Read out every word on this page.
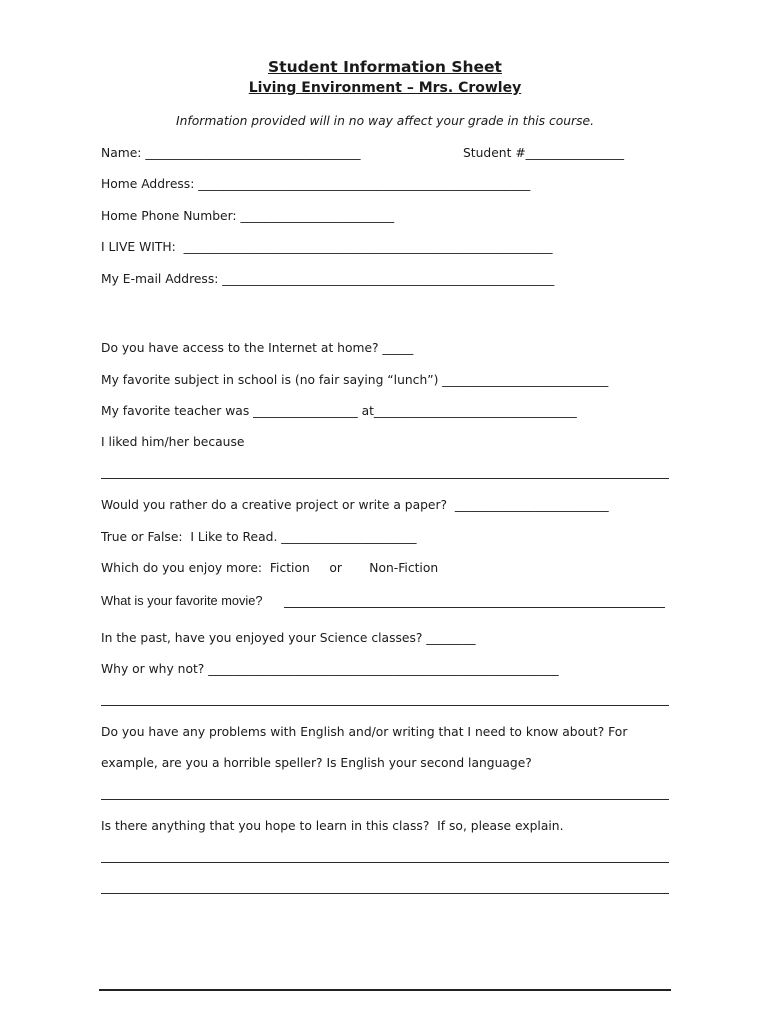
Student Information Sheet
Living Environment – Mrs. Crowley
Information provided will in no way affect your grade in this course.
Name: ___________________________________	Student #________________
Home Address: ______________________________________________________
Home Phone Number: _________________________
I LIVE WITH:  ____________________________________________________________
My E-mail Address: ______________________________________________________
Do you have access to the Internet at home? _____
My favorite subject in school is (no fair saying “lunch”) ___________________________
My favorite teacher was _________________ at_________________________________
I liked him/her because
Would you rather do a creative project or write a paper?  _________________________
True or False:  I Like to Read. ______________________
Which do you enjoy more:  Fiction     or       Non-Fiction
What is your favorite movie?
In the past, have you enjoyed your Science classes? ________
Why or why not? _________________________________________________________
Do you have any problems with English and/or writing that I need to know about? For
example, are you a horrible speller? Is English your second language?
Is there anything that you hope to learn in this class?  If so, please explain.
